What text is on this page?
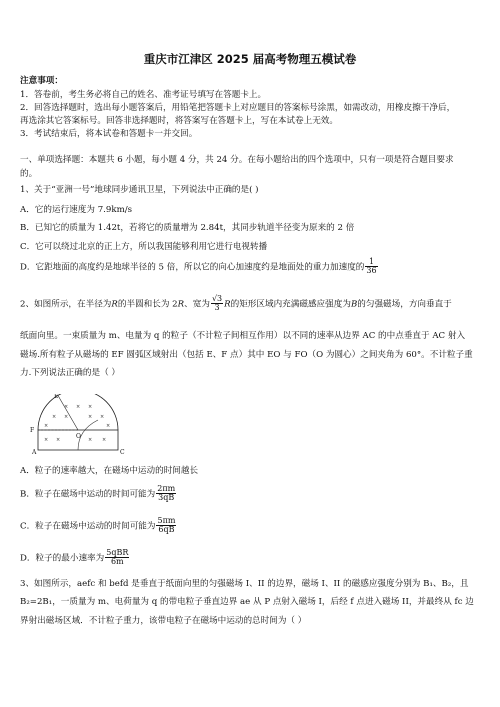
重庆市江津区 2025 届高考物理五模试卷
注意事项：
1．答卷前，考生务必将自己的姓名、准考证号填写在答题卡上。
2．回答选择题时，选出每小题答案后，用铅笔把答题卡上对应题目的答案标号涂黑，如需改动，用橡皮擦干净后，
再选涂其它答案标号。回答非选择题时，将答案写在答题卡上，写在本试卷上无效。
3．考试结束后，将本试卷和答题卡一并交回。
一、单项选择题：本题共 6 小题，每小题 4 分，共 24 分。在每小题给出的四个选项中，只有一项是符合题目要求
的。
1、关于“亚洲一号”地球同步通讯卫星，下列说法中正确的是( )
A．它的运行速度为 7.9km/s
B．已知它的质量为 1.42t，若将它的质量增为 2.84t，其同步轨道半径变为原来的 2 倍
C．它可以绕过北京的正上方，所以我国能够利用它进行电视转播
D．它距地面的高度约是地球半径的 5 倍，所以它的向心加速度约是地面处的重力加速度的 $\frac{1}{36}$
2、如图所示，在半径为R的半圆和长为 2R、宽为 $\frac{√3}{3}$ R的矩形区域内充满磁感应强度为B的匀强磁场，方向垂直于
纸面向里。一束质量为 m、电量为 q 的粒子（不计粒子间相互作用）以不同的速率从边界 AC 的中点垂直于 AC 射入
磁场.所有粒子从磁场的 EF 圆弧区域射出（包括 E、F 点）其中 EO 与 FO（O 为圆心）之间夹角为 60°。不计粒子重
力.下列说法正确的是（ ）
× ×	× ×
× × ×
× ×	× ×
×	×
E
F
O
A	C
A．粒子的速率越大，在磁场中运动的时间越长
B．粒子在磁场中运动的时间可能为 $\frac{2\pi m}{3qB}$
C．粒子在磁场中运动的时间可能为 $\frac{5\pi m}{6qB}$
D．粒子的最小速率为 $\frac{\text{5qBR}}{6m}$
3、如图所示，aefc 和 befd 是垂直于纸面向里的匀强磁场 I、II 的边界，磁场 I、II 的磁感应强度分别为 B₁、B₂，且
B₂=2B₁，一质量为 m、电荷量为 q 的带电粒子垂直边界 ae 从 P 点射入磁场 I，后经 f 点进入磁场 II，并最终从 fc 边
界射出磁场区域．不计粒子重力，该带电粒子在磁场中运动的总时间为（ ）
